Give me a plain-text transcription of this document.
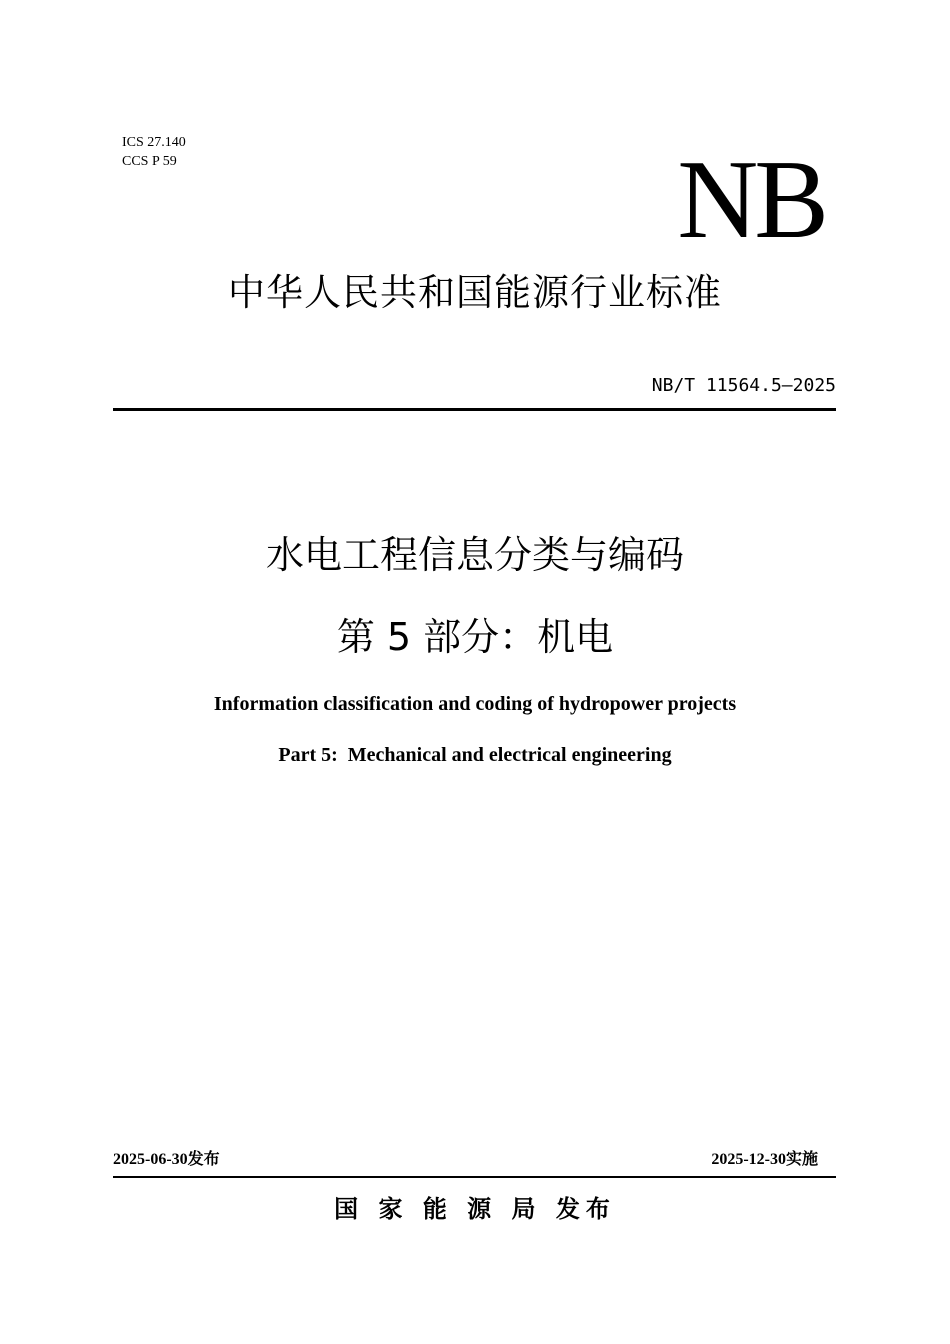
ICS 27.140
CCS P 59	NB
中华人民共和国能源行业标准
NB/T 11564.5—2025
水电工程信息分类与编码
第 5 部分：机电
Information classification and coding of hydropower projects
Part 5:  Mechanical and electrical engineering
2025-06-30发布	2025-12-30实施
国 家 能 源 局 发布
